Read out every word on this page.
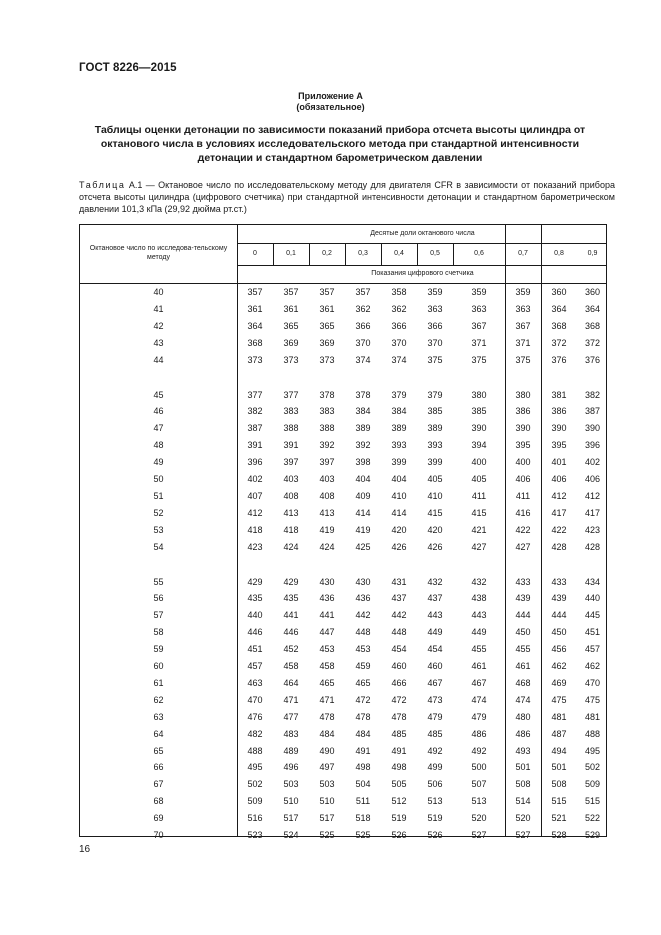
ГОСТ 8226—2015
Приложение А
(обязательное)
Таблицы оценки детонации по зависимости показаний прибора отсчета высоты цилиндра от
октанового числа в условиях исследовательского метода при стандартной интенсивности
детонации и стандартном барометрическом давлении
Таблица А.1 — Октановое число по исследовательскому методу для двигателя CFR в зависимости от показаний прибора отсчета высоты цилиндра (цифрового счетчика) при стандартной интенсивности детонации и стандартном барометрическом давлении 101,3 кПа (29,92 дюйма рт.ст.)
Октановое число по исследова-тельскому методу
Десятые доли октанового числа
0	0,1	0,2	0,3	0,4	0,5	0,6	0,7	0,8	0,9
Показания цифрового счетчика
40	357	357	357	357	358	359	359	359	360	360
41	361	361	361	362	362	363	363	363	364	364
42	364	365	365	366	366	366	367	367	368	368
43	368	369	369	370	370	370	371	371	372	372
44	373	373	373	374	374	375	375	375	376	376
45	377	377	378	378	379	379	380	380	381	382
46	382	383	383	384	384	385	385	386	386	387
47	387	388	388	389	389	389	390	390	390	390
48	391	391	392	392	393	393	394	395	395	396
49	396	397	397	398	399	399	400	400	401	402
50	402	403	403	404	404	405	405	406	406	406
51	407	408	408	409	410	410	411	411	412	412
52	412	413	413	414	414	415	415	416	417	417
53	418	418	419	419	420	420	421	422	422	423
54	423	424	424	425	426	426	427	427	428	428
55	429	429	430	430	431	432	432	433	433	434
56	435	435	436	436	437	437	438	439	439	440
57	440	441	441	442	442	443	443	444	444	445
58	446	446	447	448	448	449	449	450	450	451
59	451	452	453	453	454	454	455	455	456	457
60	457	458	458	459	460	460	461	461	462	462
61	463	464	465	465	466	467	467	468	469	470
62	470	471	471	472	472	473	474	474	475	475
63	476	477	478	478	478	479	479	480	481	481
64	482	483	484	484	485	485	486	486	487	488
65	488	489	490	491	491	492	492	493	494	495
66	495	496	497	498	498	499	500	501	501	502
67	502	503	503	504	505	506	507	508	508	509
68	509	510	510	511	512	513	513	514	515	515
69	516	517	517	518	519	519	520	520	521	522
70	523	524	525	525	526	526	527	527	528	529
16
